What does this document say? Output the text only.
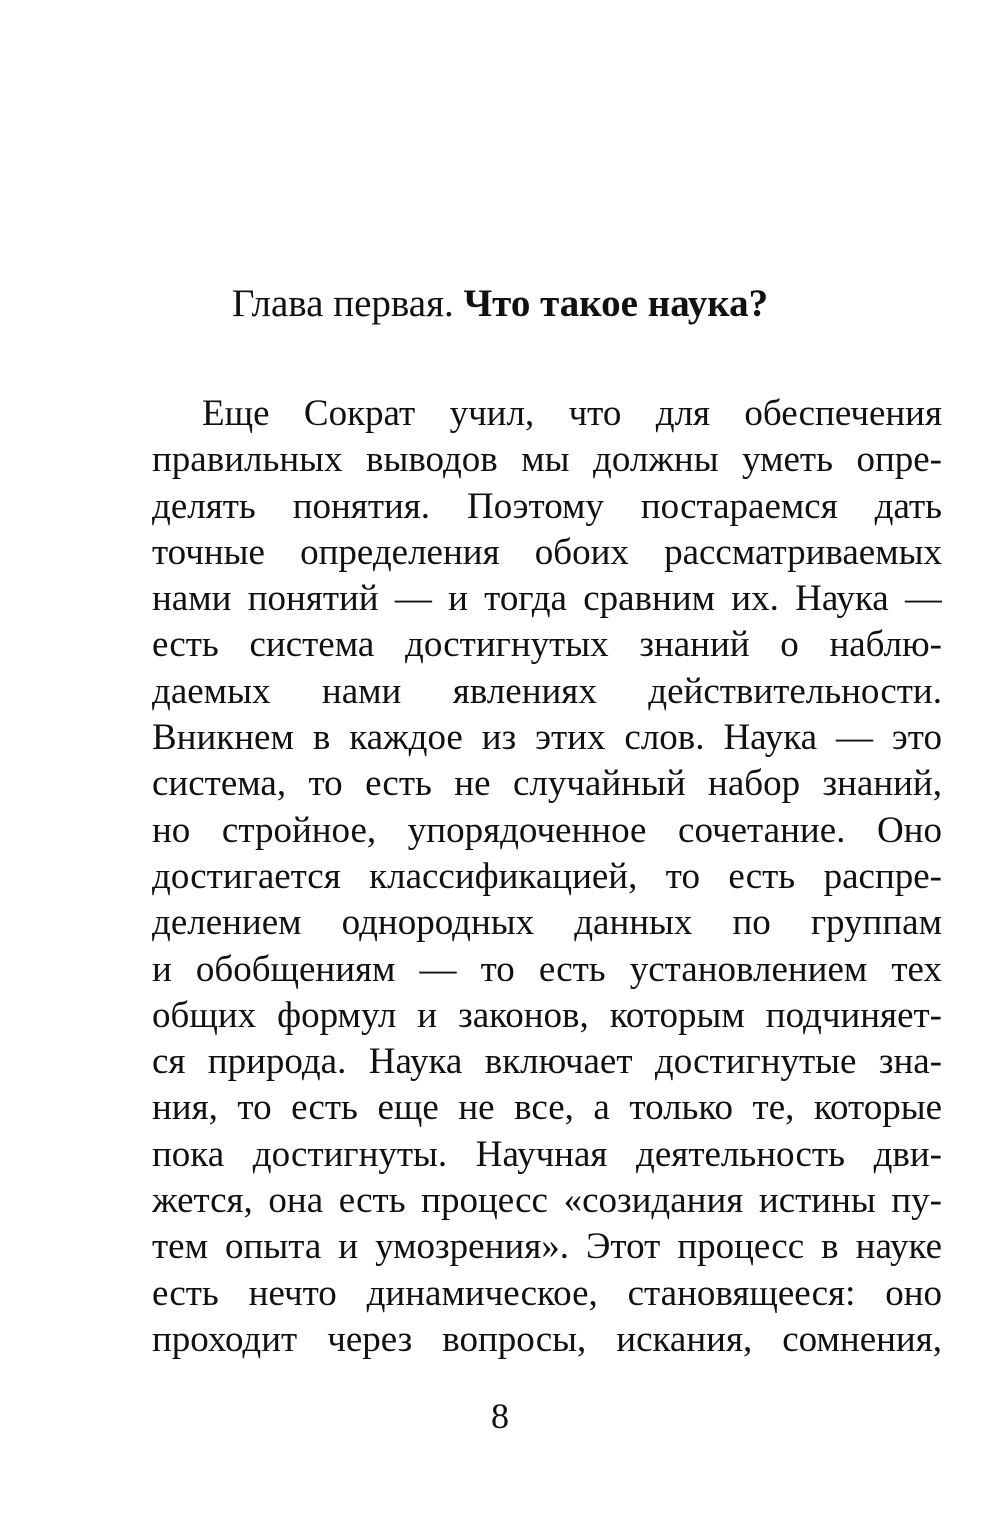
Глава первая. Что такое наука?
Еще Сократ учил, что для обеспечения
правильных выводов мы должны уметь опре-
делять понятия. Поэтому постараемся дать
точные определения обоих рассматриваемых
нами понятий — и тогда сравним их. Наука —
есть система достигнутых знаний о наблю-
даемых нами явлениях действительности.
Вникнем в каждое из этих слов. Наука — это
система, то есть не случайный набор знаний,
но стройное, упорядоченное сочетание. Оно
достигается классификацией, то есть распре-
делением однородных данных по группам
и обобщениям — то есть установлением тех
общих формул и законов, которым подчиняет-
ся природа. Наука включает достигнутые зна-
ния, то есть еще не все, а только те, которые
пока достигнуты. Научная деятельность дви-
жется, она есть процесс «созидания истины пу-
тем опыта и умозрения». Этот процесс в науке
есть нечто динамическое, становящееся: оно
проходит через вопросы, искания, сомнения,
8
